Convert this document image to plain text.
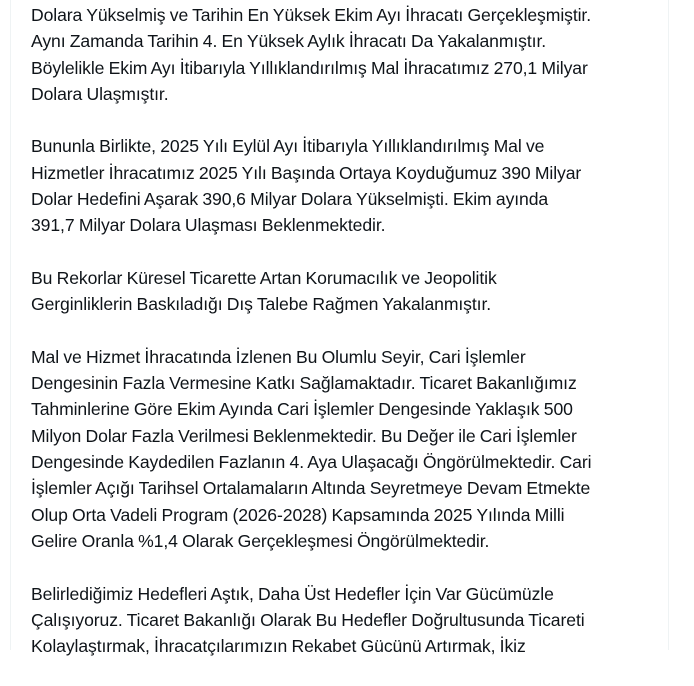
Dolara Yükselmiş ve Tarihin En Yüksek Ekim Ayı İhracatı Gerçekleşmiştir.
Aynı Zamanda Tarihin 4. En Yüksek Aylık İhracatı Da Yakalanmıştır.
Böylelikle Ekim Ayı İtibarıyla Yıllıklandırılmış Mal İhracatımız 270,1 Milyar
Dolara Ulaşmıştır.

Bununla Birlikte, 2025 Yılı Eylül Ayı İtibarıyla Yıllıklandırılmış Mal ve
Hizmetler İhracatımız 2025 Yılı Başında Ortaya Koyduğumuz 390 Milyar
Dolar Hedefini Aşarak 390,6 Milyar Dolara Yükselmişti. Ekim ayında
391,7 Milyar Dolara Ulaşması Beklenmektedir.

Bu Rekorlar Küresel Ticarette Artan Korumacılık ve Jeopolitik
Gerginliklerin Baskıladığı Dış Talebe Rağmen Yakalanmıştır.

Mal ve Hizmet İhracatında İzlenen Bu Olumlu Seyir, Cari İşlemler
Dengesinin Fazla Vermesine Katkı Sağlamaktadır. Ticaret Bakanlığımız
Tahminlerine Göre Ekim Ayında Cari İşlemler Dengesinde Yaklaşık 500
Milyon Dolar Fazla Verilmesi Beklenmektedir. Bu Değer ile Cari İşlemler
Dengesinde Kaydedilen Fazlanın 4. Aya Ulaşacağı Öngörülmektedir. Cari
İşlemler Açığı Tarihsel Ortalamaların Altında Seyretmeye Devam Etmekte
Olup Orta Vadeli Program (2026-2028) Kapsamında 2025 Yılında Milli
Gelire Oranla %1,4 Olarak Gerçekleşmesi Öngörülmektedir.

Belirlediğimiz Hedefleri Aştık, Daha Üst Hedefler İçin Var Gücümüzle
Çalışıyoruz. Ticaret Bakanlığı Olarak Bu Hedefler Doğrultusunda Ticareti
Kolaylaştırmak, İhracatçılarımızın Rekabet Gücünü Artırmak, İkiz
